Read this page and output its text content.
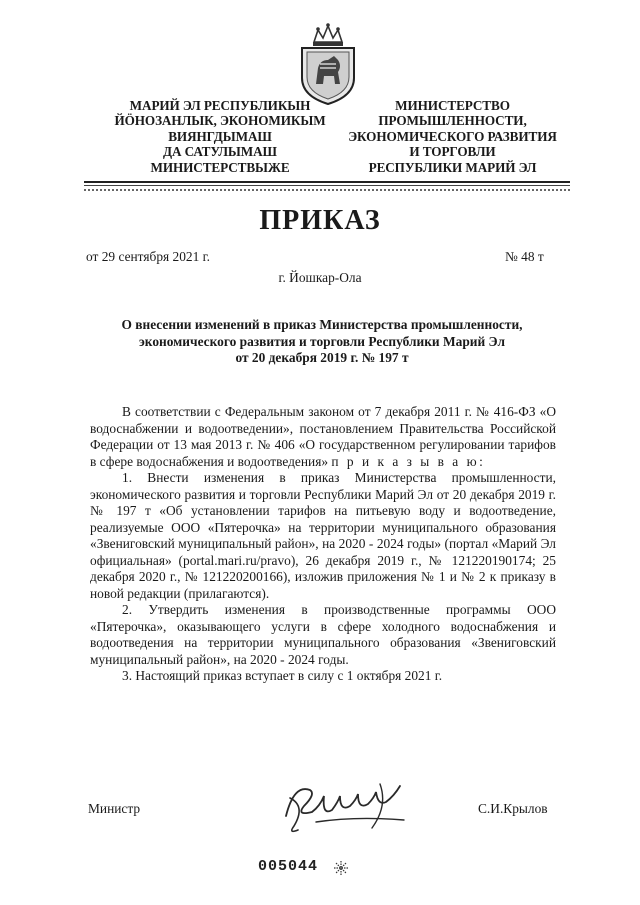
МАРИЙ ЭЛ РЕСПУБЛИКЫН
ЙÖНОЗАНЛЫК, ЭКОНОМИКЫМ
ВИЯНГДЫМАШ
ДА САТУЛЫМАШ
МИНИСТЕРСТВЫЖЕ
МИНИСТЕРСТВО
ПРОМЫШЛЕННОСТИ,
ЭКОНОМИЧЕСКОГО РАЗВИТИЯ
И ТОРГОВЛИ
РЕСПУБЛИКИ МАРИЙ ЭЛ
ПРИКАЗ
от 29 сентября 2021 г.	№ 48 т
г. Йошкар-Ола
О внесении изменений в приказ Министерства промышленности,
экономического развития и торговли Республики Марий Эл
от 20 декабря 2019 г. № 197 т

В соответствии с Федеральным законом от 7 декабря 2011 г. № 416-ФЗ «О водоснабжении и водоотведении», постановлением Правительства Российской Федерации от 13 мая 2013 г. № 406 «О государственном регулировании тарифов в сфере водоснабжения и водоотведения» п р и к а з ы в а ю:

1. Внести изменения в приказ Министерства промышленности, экономического развития и торговли Республики Марий Эл от 20 декабря 2019 г. № 197 т «Об установлении тарифов на питьевую воду и водоотведение, реализуемые ООО «Пятерочка» на территории муниципального образования «Звениговский муниципальный район», на 2020 - 2024 годы» (портал «Марий Эл официальная» (portal.mari.ru/pravo), 26 декабря 2019 г., № 121220190174; 25 декабря 2020 г., № 121220200166), изложив приложения № 1 и № 2 к приказу в новой редакции (прилагаются).

2. Утвердить изменения в производственные программы ООО «Пятерочка», оказывающего услуги в сфере холодного водоснабжения и водоотведения на территории муниципального образования «Звениговский муниципальный район», на 2020 - 2024 годы.

3. Настоящий приказ вступает в силу с 1 октября 2021 г.

Министр	С.И.Крылов
005044
